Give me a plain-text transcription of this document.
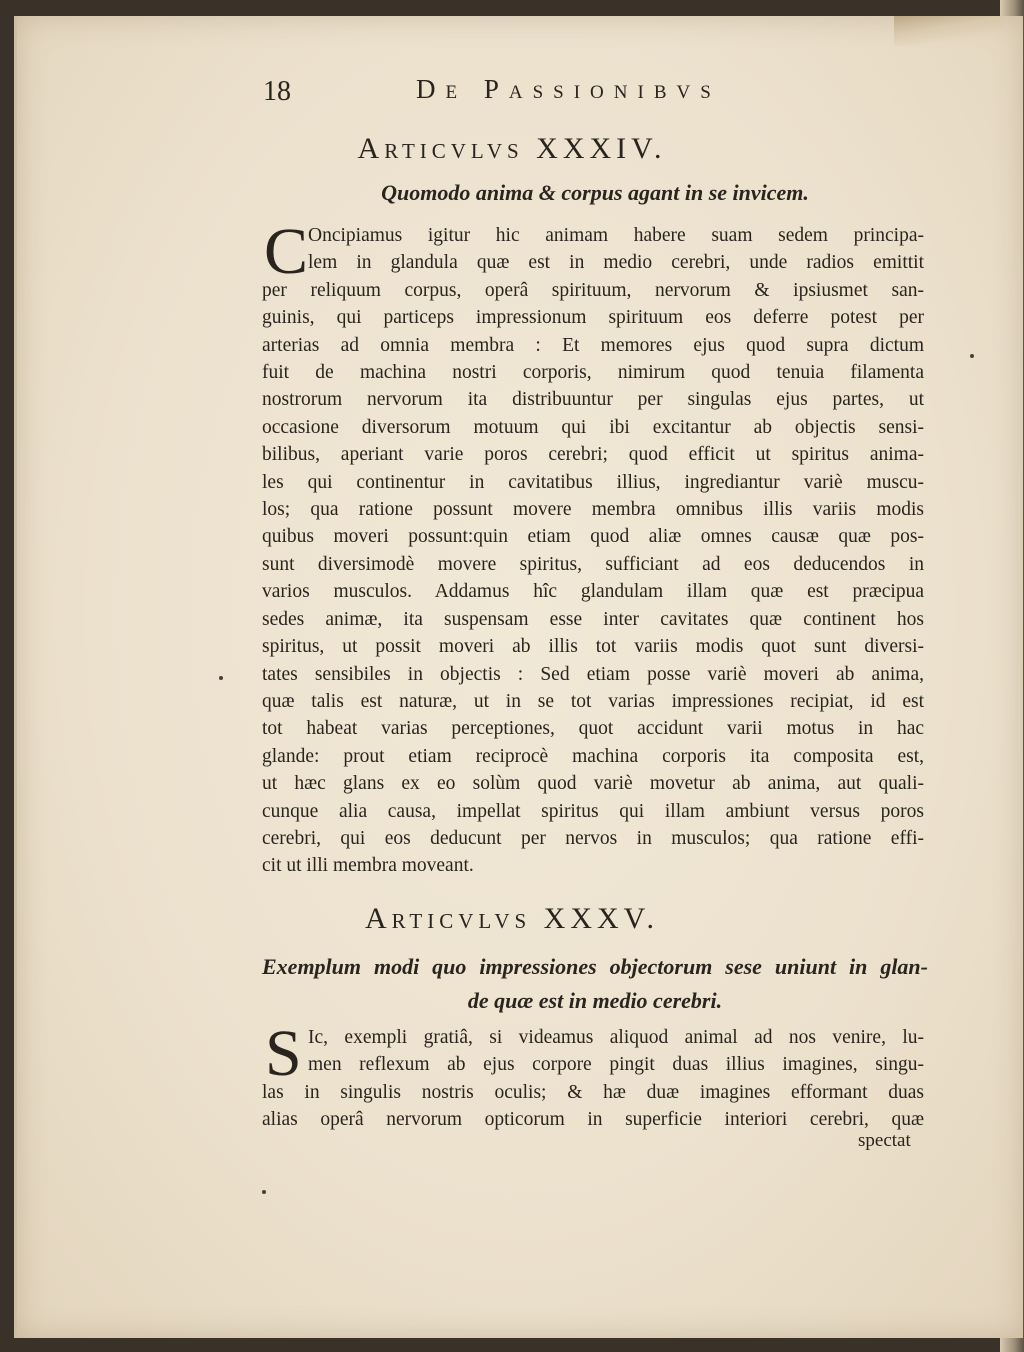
18	De Passionibvs
Articvlvs XXXIV.
Quomodo anima & corpus agant in se invicem.
C Oncipiamus igitur hic animam habere suam sedem principa-
lem in glandula quæ est in medio cerebri, unde radios emittit
per reliquum corpus, operâ spirituum, nervorum & ipsiusmet san-
guinis, qui particeps impressionum spirituum eos deferre potest per
arterias ad omnia membra : Et memores ejus quod supra dictum
fuit de machina nostri corporis, nimirum quod tenuia filamenta
nostrorum nervorum ita distribuuntur per singulas ejus partes, ut
occasione diversorum motuum qui ibi excitantur ab objectis sensi-
bilibus, aperiant varie poros cerebri; quod efficit ut spiritus anima-
les qui continentur in cavitatibus illius, ingrediantur variè muscu-
los; qua ratione possunt movere membra omnibus illis variis modis
quibus moveri possunt:quin etiam quod aliæ omnes causæ quæ pos-
sunt diversimodè movere spiritus, sufficiant ad eos deducendos in
varios musculos. Addamus hîc glandulam illam quæ est præcipua
sedes animæ, ita suspensam esse inter cavitates quæ continent hos
spiritus, ut possit moveri ab illis tot variis modis quot sunt diversi-
tates sensibiles in objectis : Sed etiam posse variè moveri ab anima,
quæ talis est naturæ, ut in se tot varias impressiones recipiat, id est
tot habeat varias perceptiones, quot accidunt varii motus in hac
glande: prout etiam reciprocè machina corporis ita composita est,
ut hæc glans ex eo solùm quod variè movetur ab anima, aut quali-
cunque alia causa, impellat spiritus qui illam ambiunt versus poros
cerebri, qui eos deducunt per nervos in musculos; qua ratione effi-
cit ut illi membra moveant.
Articvlvs XXXV.
Exemplum modi quo impressiones objectorum sese uniunt in glan-
de quæ est in medio cerebri.
S Ic, exempli gratiâ, si videamus aliquod animal ad nos venire, lu-
men reflexum ab ejus corpore pingit duas illius imagines, singu-
las in singulis nostris oculis; & hæ duæ imagines efformant duas
alias operâ nervorum opticorum in superficie interiori cerebri, quæ
spectat
